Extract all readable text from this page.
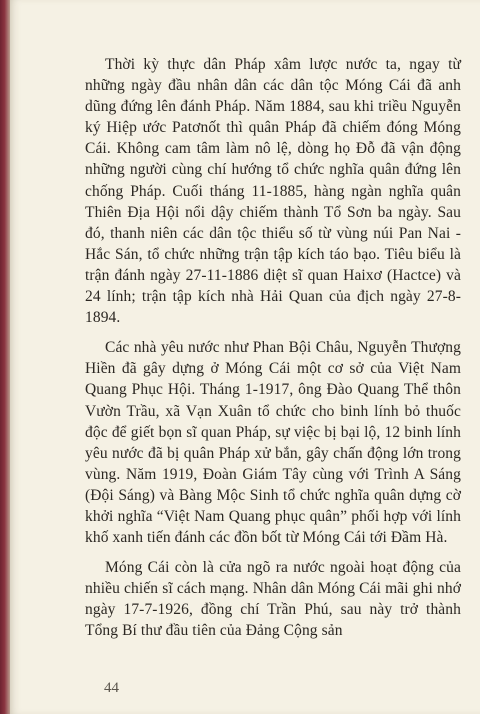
Thời kỳ thực dân Pháp xâm lược nước ta, ngay từ những ngày đầu nhân dân các dân tộc Móng Cái đã anh dũng đứng lên đánh Pháp. Năm 1884, sau khi triều Nguyễn ký Hiệp ước Patơnốt thì quân Pháp đã chiếm đóng Móng Cái. Không cam tâm làm nô lệ, dòng họ Đỗ đã vận động những người cùng chí hướng tổ chức nghĩa quân đứng lên chống Pháp. Cuối tháng 11-1885, hàng ngàn nghĩa quân Thiên Địa Hội nổi dậy chiếm thành Tổ Sơn ba ngày. Sau đó, thanh niên các dân tộc thiểu số từ vùng núi Pan Nai - Hắc Sán, tổ chức những trận tập kích táo bạo. Tiêu biểu là trận đánh ngày 27-11-1886 diệt sĩ quan Haixơ (Hactce) và 24 lính; trận tập kích nhà Hải Quan của địch ngày 27-8-1894.

Các nhà yêu nước như Phan Bội Châu, Nguyễn Thượng Hiền đã gây dựng ở Móng Cái một cơ sở của Việt Nam Quang Phục Hội. Tháng 1-1917, ông Đào Quang Thể thôn Vườn Trầu, xã Vạn Xuân tổ chức cho binh lính bỏ thuốc độc để giết bọn sĩ quan Pháp, sự việc bị bại lộ, 12 binh lính yêu nước đã bị quân Pháp xử bắn, gây chấn động lớn trong vùng. Năm 1919, Đoàn Giám Tây cùng với Trình A Sáng (Đội Sáng) và Bàng Mộc Sinh tổ chức nghĩa quân dựng cờ khởi nghĩa “Việt Nam Quang phục quân” phối hợp với lính khố xanh tiến đánh các đồn bốt từ Móng Cái tới Đầm Hà.

Móng Cái còn là cửa ngõ ra nước ngoài hoạt động của nhiều chiến sĩ cách mạng. Nhân dân Móng Cái mãi ghi nhớ ngày 17-7-1926, đồng chí Trần Phú, sau này trở thành Tổng Bí thư đầu tiên của Đảng Cộng sản

44
